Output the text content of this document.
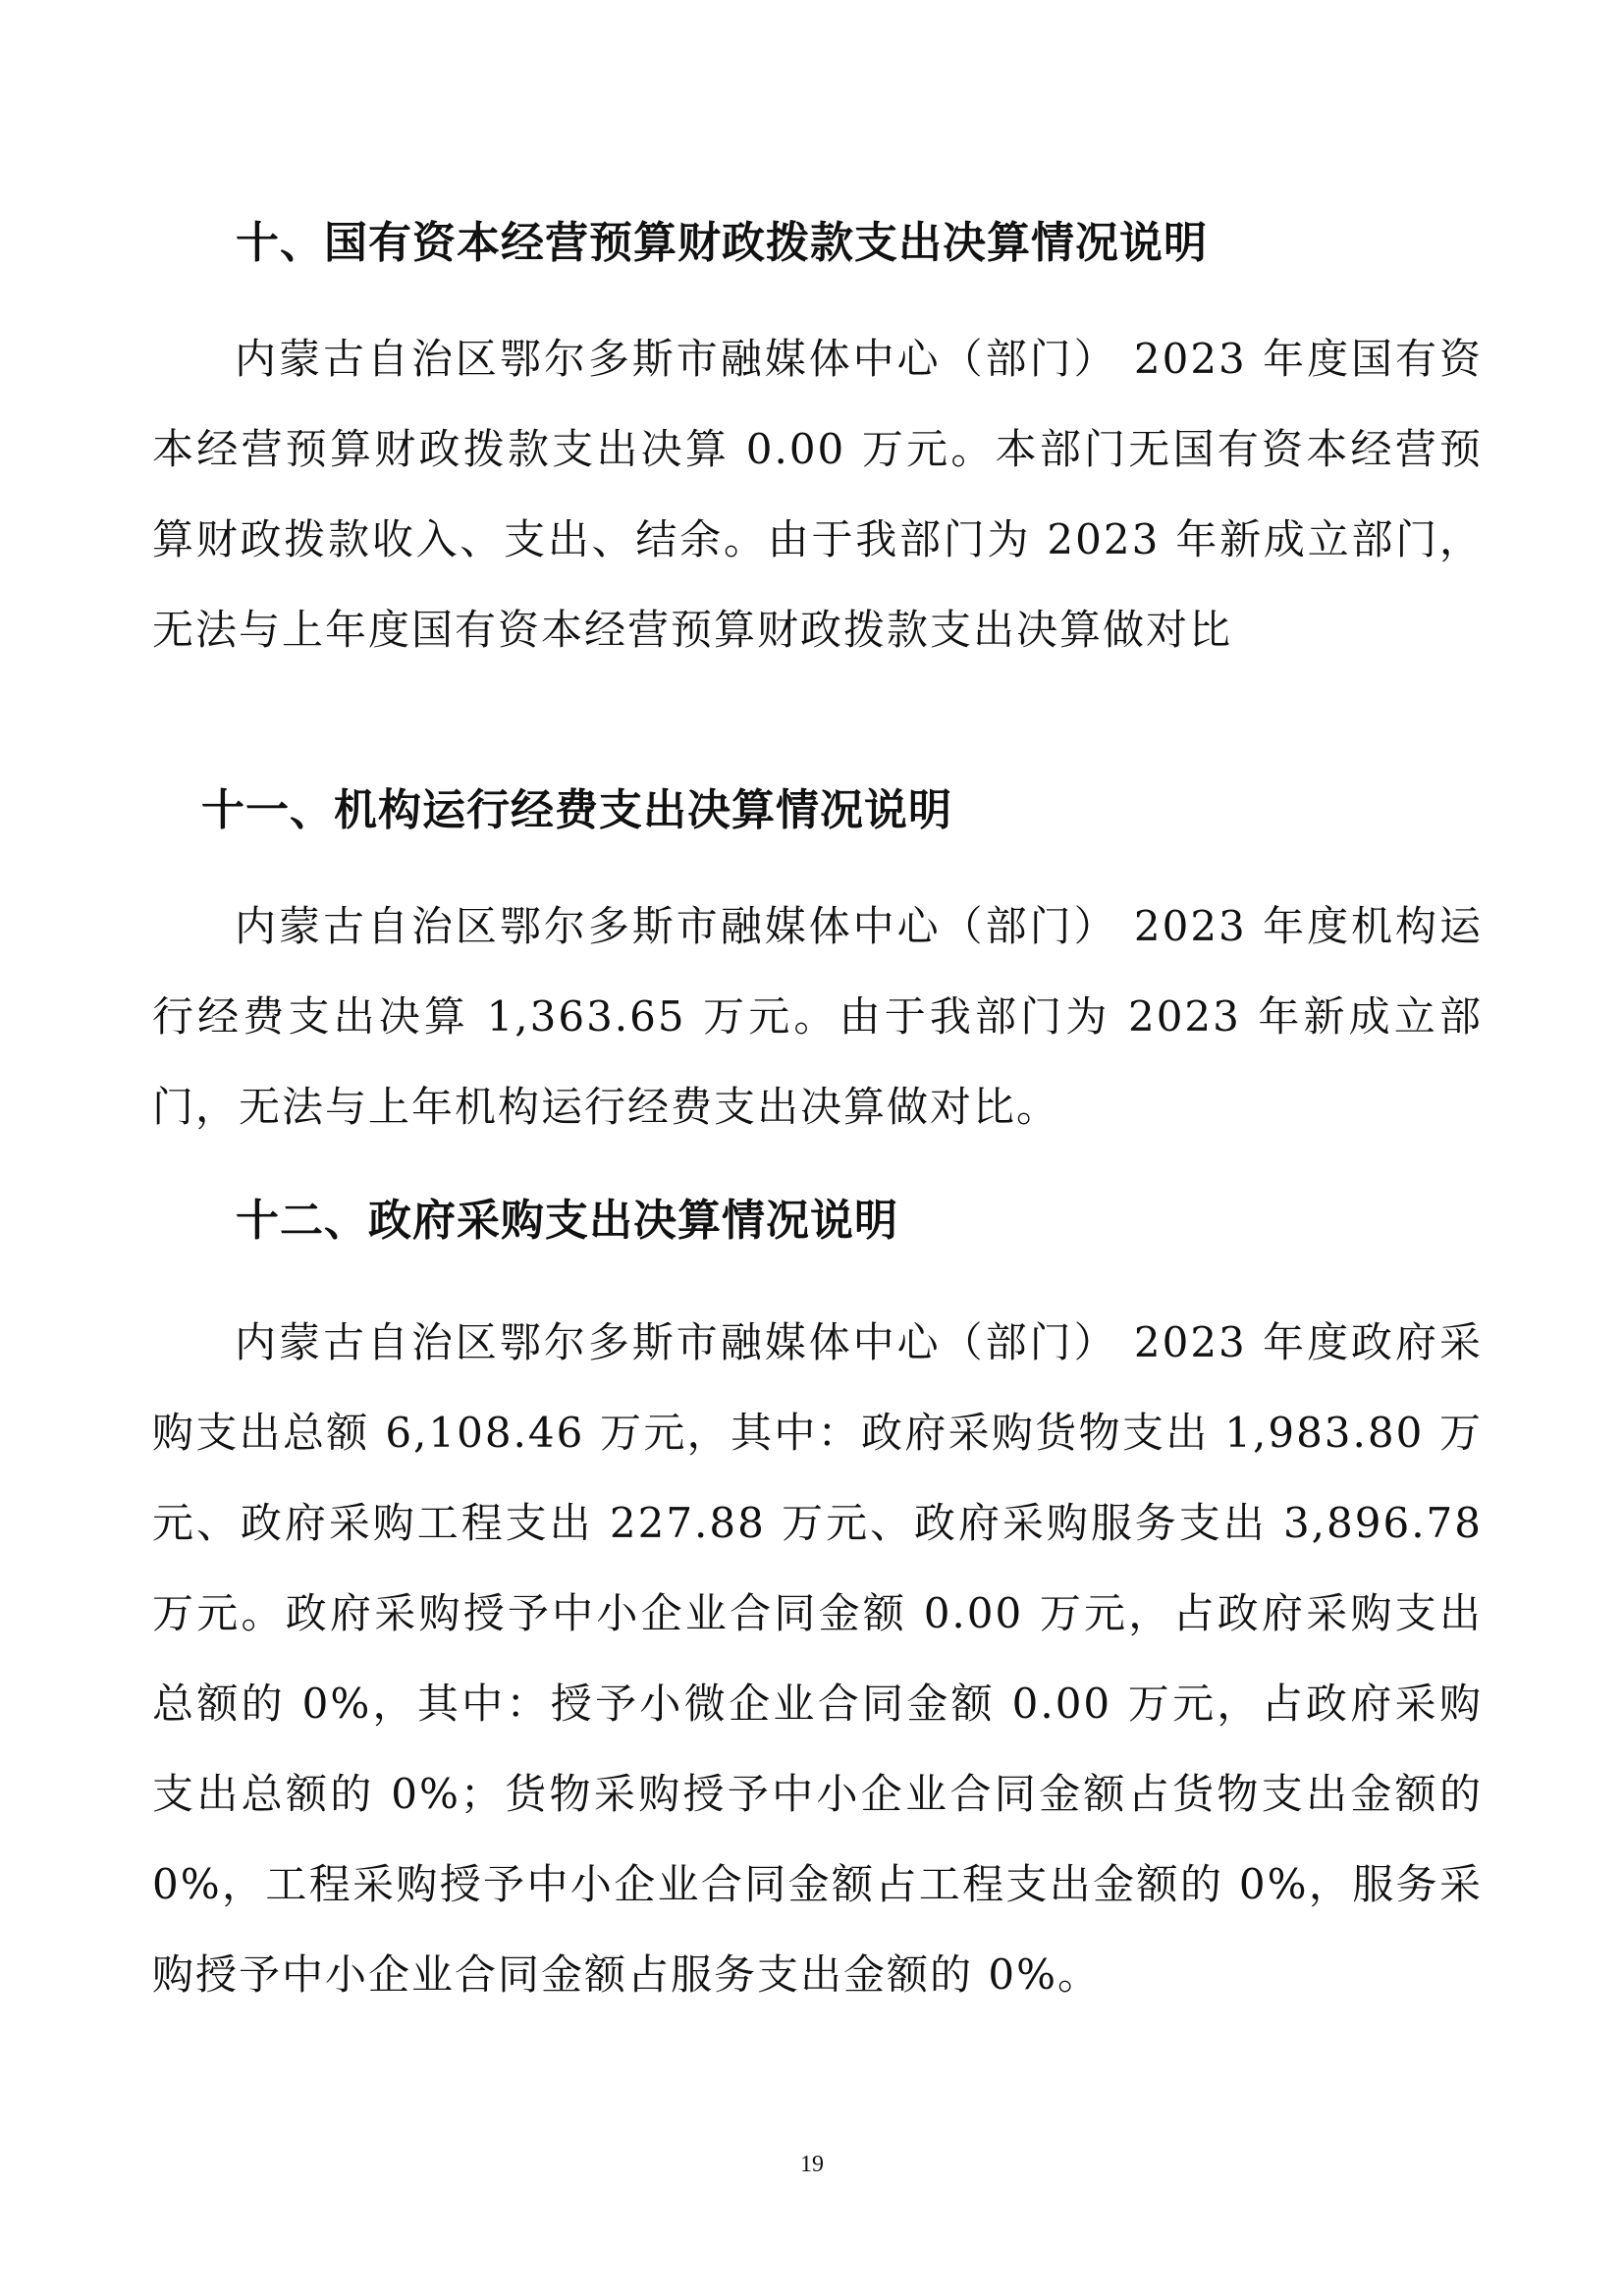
十、国有资本经营预算财政拨款支出决算情况说明

内蒙古自治区鄂尔多斯市融媒体中心（部门） 2023 年度国有资本经营预算财政拨款支出决算 0.00 万元。本部门无国有资本经营预算财政拨款收入、支出、结余。由于我部门为 2023 年新成立部门，无法与上年度国有资本经营预算财政拨款支出决算做对比

十一、机构运行经费支出决算情况说明

内蒙古自治区鄂尔多斯市融媒体中心（部门） 2023 年度机构运行经费支出决算 1,363.65 万元。由于我部门为 2023 年新成立部门，无法与上年机构运行经费支出决算做对比。

十二、政府采购支出决算情况说明

内蒙古自治区鄂尔多斯市融媒体中心（部门） 2023 年度政府采购支出总额 6,108.46 万元，其中：政府采购货物支出 1,983.80 万元、政府采购工程支出 227.88 万元、政府采购服务支出 3,896.78 万元。政府采购授予中小企业合同金额 0.00 万元，占政府采购支出总额的 0%，其中：授予小微企业合同金额 0.00 万元，占政府采购支出总额的 0%；货物采购授予中小企业合同金额占货物支出金额的 0%，工程采购授予中小企业合同金额占工程支出金额的 0%，服务采购授予中小企业合同金额占服务支出金额的 0%。

19
